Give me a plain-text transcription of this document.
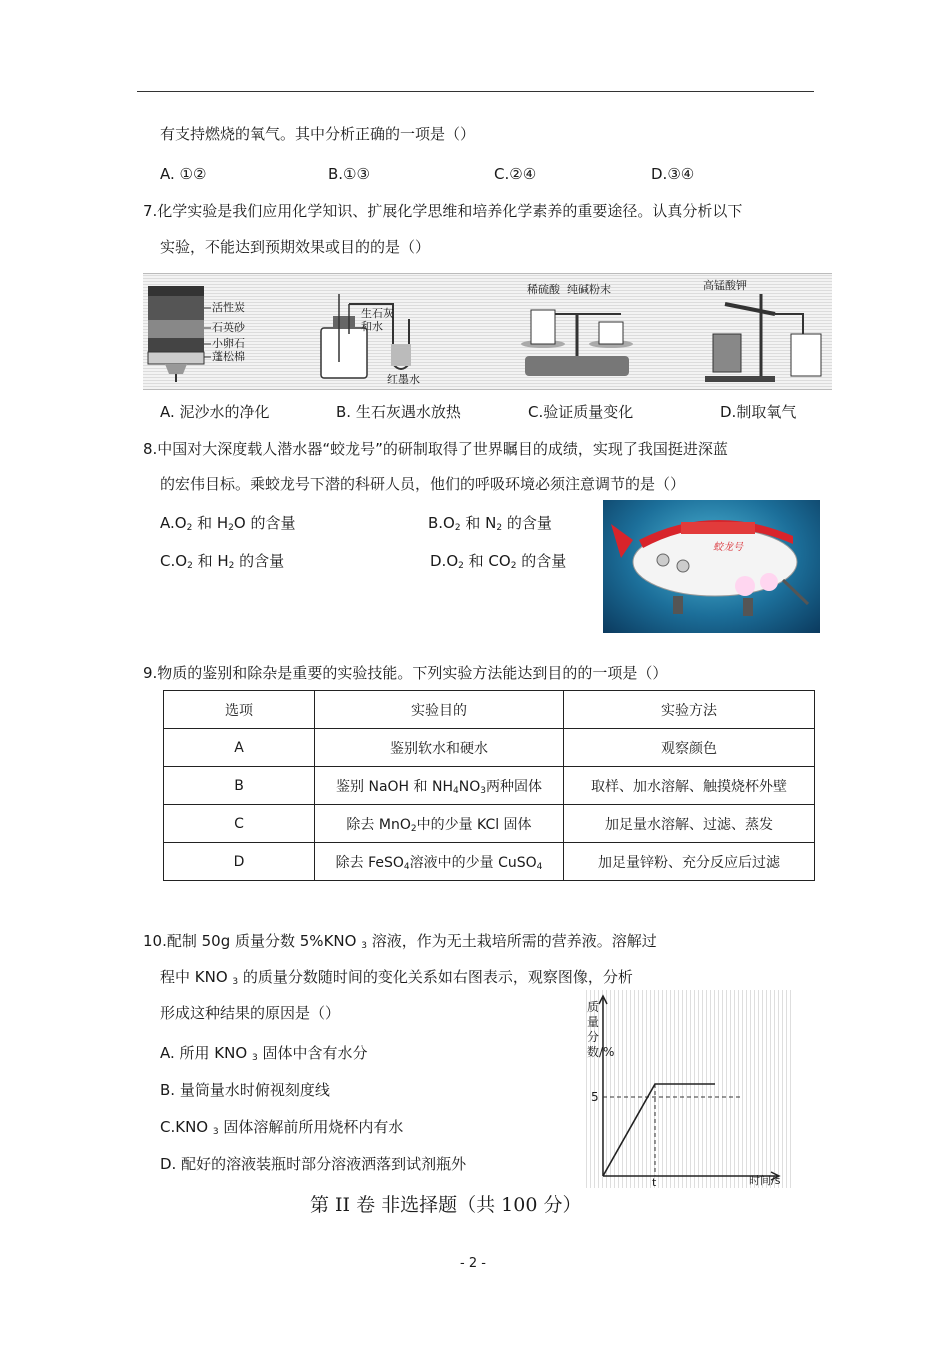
有支持燃烧的氧气。其中分析正确的一项是（）
A. ①②	B.①③	C.②④	D.③④
7.化学实验是我们应用化学知识、扩展化学思维和培养化学素养的重要途径。认真分析以下
实验，不能达到预期效果或目的的是（）
活性炭
石英砂
小卵石
蓬松棉
生石灰
和水
红墨水
稀硫酸 纯碱粉末	高锰酸钾
A. 泥沙水的净化	B. 生石灰遇水放热	C.验证质量变化	D.制取氧气
8.中国对大深度载人潜水器“蛟龙号”的研制取得了世界瞩目的成绩，实现了我国挺进深蓝
的宏伟目标。乘蛟龙号下潜的科研人员，他们的呼吸环境必须注意调节的是（）
$A.O_2$ 和 $H_2O$ 的含量	$B.O_2$ 和 $N_2$ 的含量
$C.O_2$ 和 $H_2$ 的含量	$D.O_2$ 和 $CO_2$ 的含量
蛟龙号
9.物质的鉴别和除杂是重要的实验技能。下列实验方法能达到目的的一项是（）
选项	实验目的	实验方法
A	鉴别软水和硬水	观察颜色
B	鉴别 NaOH 和 $NH_4NO_3$两种固体	取样、加水溶解、触摸烧杯外壁
C	除去 MnO$_2$中的少量 KCl 固体	加足量水溶解、过滤、蒸发
D	除去 FeSO$_4$溶液中的少量 CuSO$_4$	加足量锌粉、充分反应后过滤
10.配制 50g 质量分数 5%KNO $_3$ 溶液，作为无土栽培所需的营养液。溶解过
程中 KNO $_3$ 的质量分数随时间的变化关系如右图表示，观察图像，分析
形成这种结果的原因是（）
A. 所用 KNO $_3$ 固体中含有水分
B. 量筒量水时俯视刻度线
C.KNO $_3$ 固体溶解前所用烧杯内有水
D. 配好的溶液装瓶时部分溶液洒落到试剂瓶外
质量分数/%
5
t	时间/s
第 II 卷 非选择题（共 100 分）
- 2 -
